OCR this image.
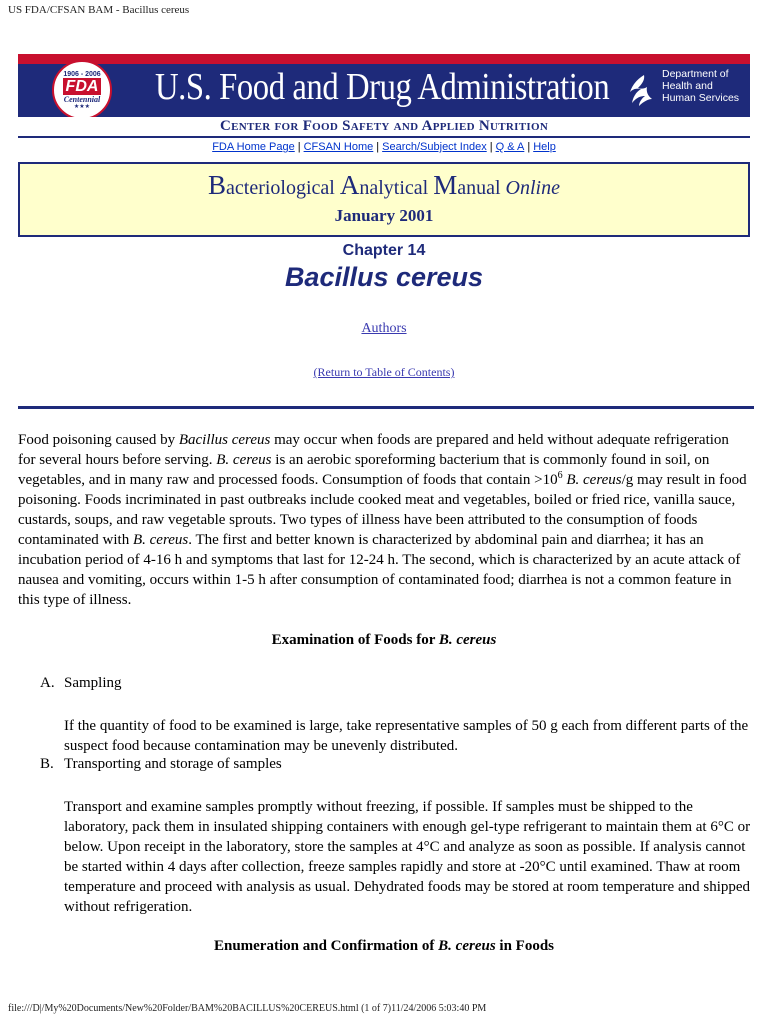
US FDA/CFSAN BAM - Bacillus cereus
1906 - 2006
FDA
Centennial
★★★ U.S. Food and Drug Administration	Department of
Health and
Human Services
Center for Food Safety and Applied Nutrition
FDA Home Page | CFSAN Home | Search/Subject Index | Q & A | Help
Bacteriological Analytical Manual Online
January 2001
Chapter 14
Bacillus cereus
Authors
(Return to Table of Contents)
Food poisoning caused by Bacillus cereus may occur when foods are prepared and held without adequate refrigeration for several hours before serving. B. cereus is an aerobic sporeforming bacterium that is commonly found in soil, on vegetables, and in many raw and processed foods. Consumption of foods that contain $>10^6$ B. cereus/g may result in food poisoning. Foods incriminated in past outbreaks include cooked meat and vegetables, boiled or fried rice, vanilla sauce, custards, soups, and raw vegetable sprouts. Two types of illness have been attributed to the consumption of foods contaminated with B. cereus. The first and better known is characterized by abdominal pain and diarrhea; it has an incubation period of 4-16 h and symptoms that last for 12-24 h. The second, which is characterized by an acute attack of nausea and vomiting, occurs within 1-5 h after consumption of contaminated food; diarrhea is not a common feature in this type of illness.
Examination of Foods for B. cereus
A. Sampling
If the quantity of food to be examined is large, take representative samples of 50 g each from different parts of the suspect food because contamination may be unevenly distributed.
B. Transporting and storage of samples
Transport and examine samples promptly without freezing, if possible. If samples must be shipped to the laboratory, pack them in insulated shipping containers with enough gel-type refrigerant to maintain them at 6°C or below. Upon receipt in the laboratory, store the samples at 4°C and analyze as soon as possible. If analysis cannot be started within 4 days after collection, freeze samples rapidly and store at -20°C until examined. Thaw at room temperature and proceed with analysis as usual. Dehydrated foods may be stored at room temperature and shipped without refrigeration.
Enumeration and Confirmation of B. cereus in Foods
file:///D|/My%20Documents/New%20Folder/BAM%20BACILLUS%20CEREUS.html (1 of 7)11/24/2006 5:03:40 PM
